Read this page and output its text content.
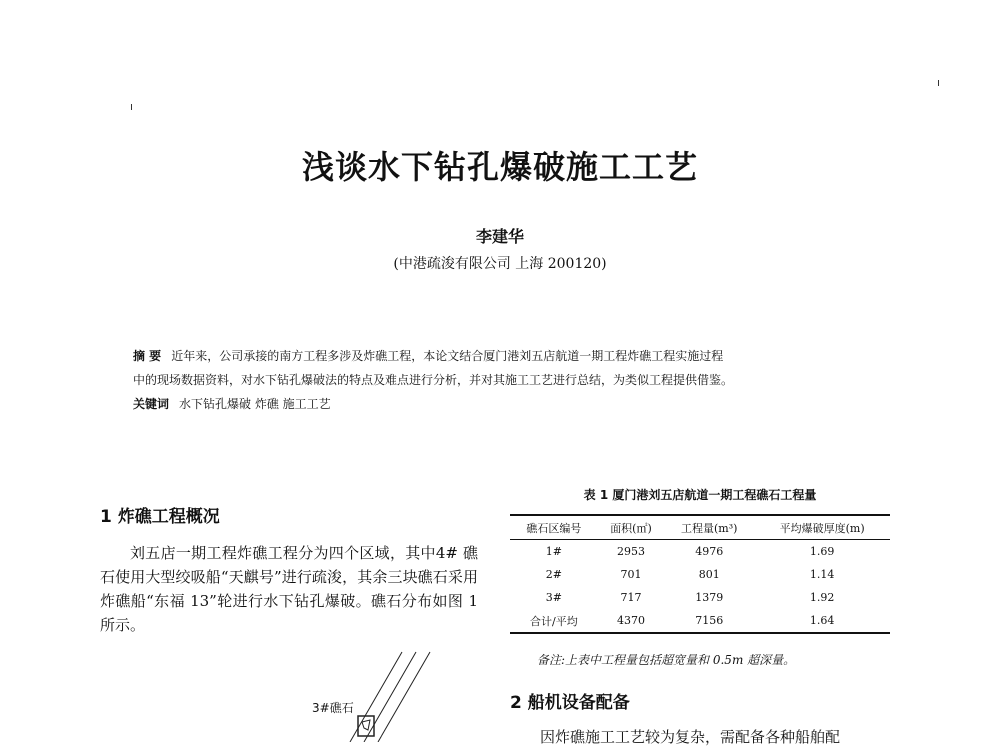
浅谈水下钻孔爆破施工工艺
李建华
(中港疏浚有限公司 上海 200120)

摘 要 近年来，公司承接的南方工程多涉及炸礁工程，本论文结合厦门港刘五店航道一期工程炸礁工程实施过程

中的现场数据资料，对水下钻孔爆破法的特点及难点进行分析，并对其施工工艺进行总结，为类似工程提供借鉴。

关键词 水下钻孔爆破 炸礁 施工工艺

1 炸礁工程概况
刘五店一期工程炸礁工程分为四个区域，其中4# 礁石使用大型绞吸船“天麒号”进行疏浚，其余三块礁石采用炸礁船“东福 13”轮进行水下钻孔爆破。礁石分布如图 1 所示。
3#礁石
表 1 厦门港刘五店航道一期工程礁石工程量
礁石区编号	面积(㎡)	工程量(m³)	平均爆破厚度(m)
1#	2953	4976	1.69
2#	701	801	1.14
3#	717	1379	1.92
合计/平均	4370	7156	1.64
备注:上表中工程量包括超宽量和 0.5m 超深量。
2 船机设备配备
因炸礁施工工艺较为复杂，需配备各种船舶配
